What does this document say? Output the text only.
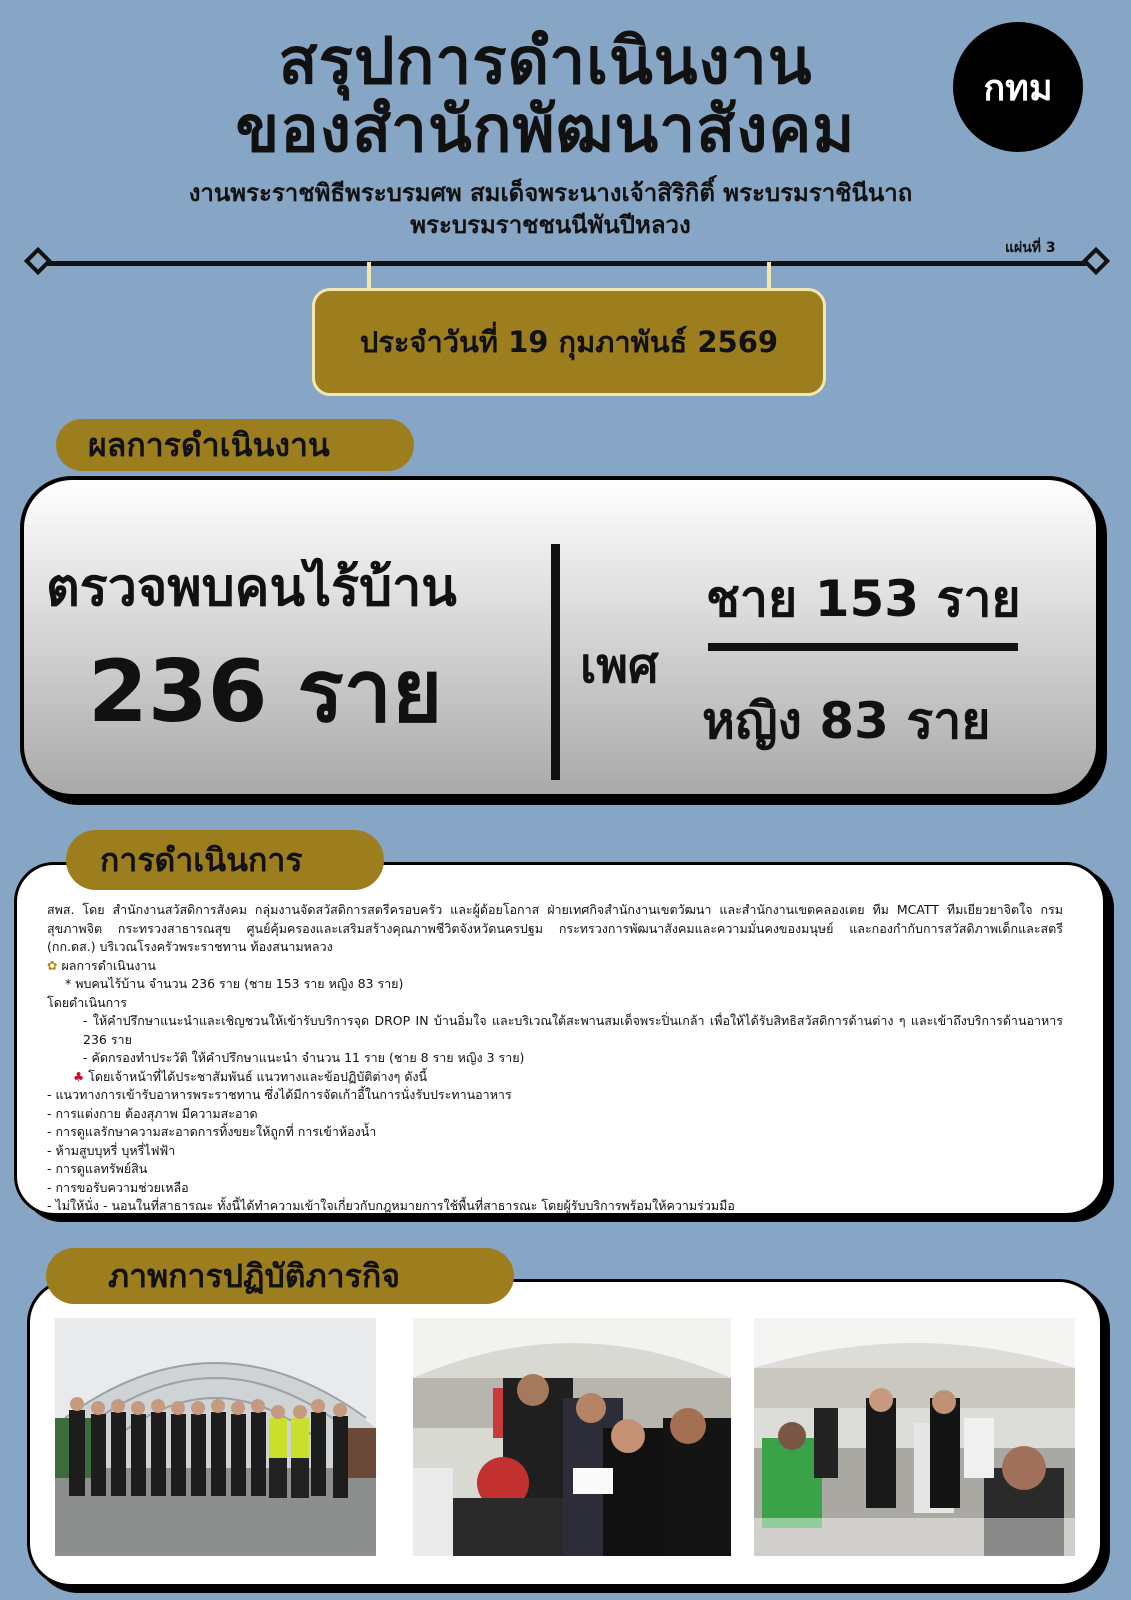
สรุปการดำเนินงาน
ของสำนักพัฒนาสังคม
งานพระราชพิธีพระบรมศพ สมเด็จพระนางเจ้าสิริกิติ์ พระบรมราชินีนาถ
พระบรมราชชนนีพันปีหลวง
กทม
แผ่นที่ 3
ประจำวันที่ 19 กุมภาพันธ์ 2569
ผลการดำเนินงาน
ตรวจพบคนไร้บ้าน
236 ราย	เพศ
ชาย 153 ราย
หญิง 83 ราย

สพส. โดย สำนักงานสวัสดิการสังคม กลุ่มงานจัดสวัสดิการสตรีครอบครัว และผู้ด้อยโอกาส ฝ่ายเทศกิจสำนักงานเขตวัฒนา และสำนักงานเขตคลองเตย ทีม MCATT ทีมเยียวยาจิตใจ กรมสุขภาพจิต กระทรวงสาธารณสุข ศูนย์คุ้มครองและเสริมสร้างคุณภาพชีวิตจังหวัดนครปฐม กระทรวงการพัฒนาสังคมและความมั่นคงของมนุษย์ และกองกำกับการสวัสดิภาพเด็กและสตรี (กก.ดส.) บริเวณโรงครัวพระราชทาน ท้องสนามหลวง

✿ ผลการดำเนินงาน

* พบคนไร้บ้าน จำนวน 236 ราย (ชาย 153 ราย หญิง 83 ราย)

โดยดำเนินการ

- ให้คำปรึกษาแนะนำและเชิญชวนให้เข้ารับบริการจุด DROP IN บ้านอิ่มใจ และบริเวณใต้สะพานสมเด็จพระปิ่นเกล้า เพื่อให้ได้รับสิทธิสวัสดิการด้านต่าง ๆ และเข้าถึงบริการด้านอาหาร 236 ราย

- คัดกรองทำประวัติ ให้คำปรึกษาแนะนำ จำนวน 11 ราย (ชาย 8 ราย หญิง 3 ราย)

♣ โดยเจ้าหน้าที่ได้ประชาสัมพันธ์ แนวทางและข้อปฏิบัติต่างๆ ดังนี้

- แนวทางการเข้ารับอาหารพระราชทาน ซึ่งได้มีการจัดเก้าอี้ในการนั่งรับประทานอาหาร

- การแต่งกาย ต้องสุภาพ มีความสะอาด

- การดูแลรักษาความสะอาดการทิ้งขยะให้ถูกที่ การเข้าห้องน้ำ

- ห้ามสูบบุหรี่ บุหรี่ไฟฟ้า

- การดูแลทรัพย์สิน

- การขอรับความช่วยเหลือ

- ไม่ให้นั่ง - นอนในที่สาธารณะ ทั้งนี้ได้ทำความเข้าใจเกี่ยวกับกฎหมายการใช้พื้นที่สาธารณะ โดยผู้รับบริการพร้อมให้ความร่วมมือ

การดำเนินการ
ภาพการปฏิบัติภารกิจ
